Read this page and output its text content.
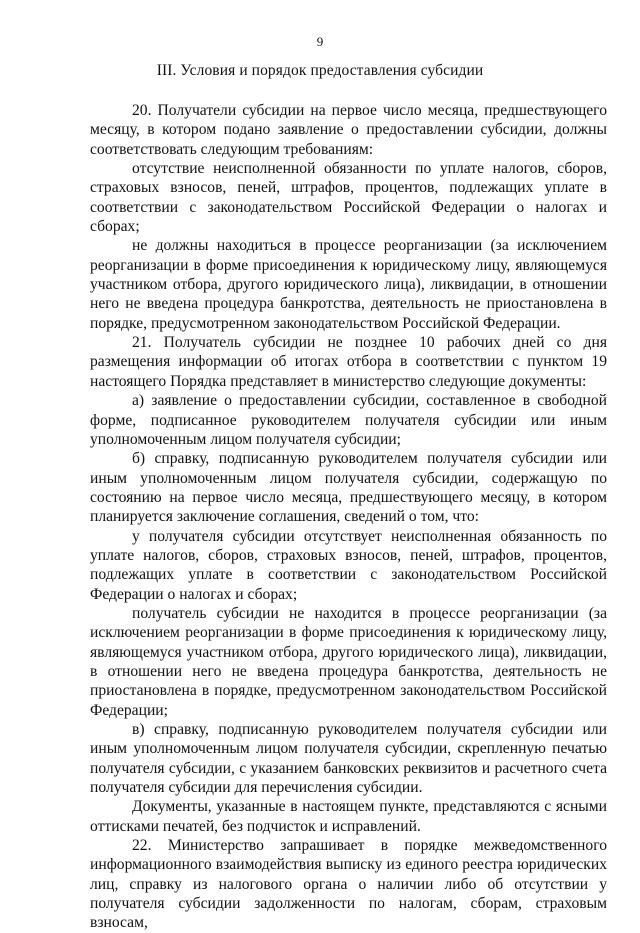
9
III. Условия и порядок предоставления субсидии

20. Получатели субсидии на первое число месяца, предшествующего месяцу, в котором подано заявление о предоставлении субсидии, должны соответствовать следующим требованиям:

отсутствие неисполненной обязанности по уплате налогов, сборов, страховых взносов, пеней, штрафов, процентов, подлежащих уплате в соответствии с законодательством Российской Федерации о налогах и сборах;

не должны находиться в процессе реорганизации (за исключением реорганизации в форме присоединения к юридическому лицу, являющемуся участником отбора, другого юридического лица), ликвидации, в отношении него не введена процедура банкротства, деятельность не приостановлена в порядке, предусмотренном законодательством Российской Федерации.

21. Получатель субсидии не позднее 10 рабочих дней со дня размещения информации об итогах отбора в соответствии с пунктом 19 настоящего Порядка представляет в министерство следующие документы:

а) заявление о предоставлении субсидии, составленное в свободной форме, подписанное руководителем получателя субсидии или иным уполномоченным лицом получателя субсидии;

б) справку, подписанную руководителем получателя субсидии или иным уполномоченным лицом получателя субсидии, содержащую по состоянию на первое число месяца, предшествующего месяцу, в котором планируется заключение соглашения, сведений о том, что:

у получателя субсидии отсутствует неисполненная обязанность по уплате налогов, сборов, страховых взносов, пеней, штрафов, процентов, подлежащих уплате в соответствии с законодательством Российской Федерации о налогах и сборах;

получатель субсидии не находится в процессе реорганизации (за исключением реорганизации в форме присоединения к юридическому лицу, являющемуся участником отбора, другого юридического лица), ликвидации, в отношении него не введена процедура банкротства, деятельность не приостановлена в порядке, предусмотренном законодательством Российской Федерации;

в) справку, подписанную руководителем получателя субсидии или иным уполномоченным лицом получателя субсидии, скрепленную печатью получателя субсидии, с указанием банковских реквизитов и расчетного счета получателя субсидии для перечисления субсидии.

Документы, указанные в настоящем пункте, представляются с ясными оттисками печатей, без подчисток и исправлений.

22. Министерство запрашивает в порядке межведомственного информационного взаимодействия выписку из единого реестра юридических лиц, справку из налогового органа о наличии либо об отсутствии у получателя субсидии задолженности по налогам, сборам, страховым взносам,
